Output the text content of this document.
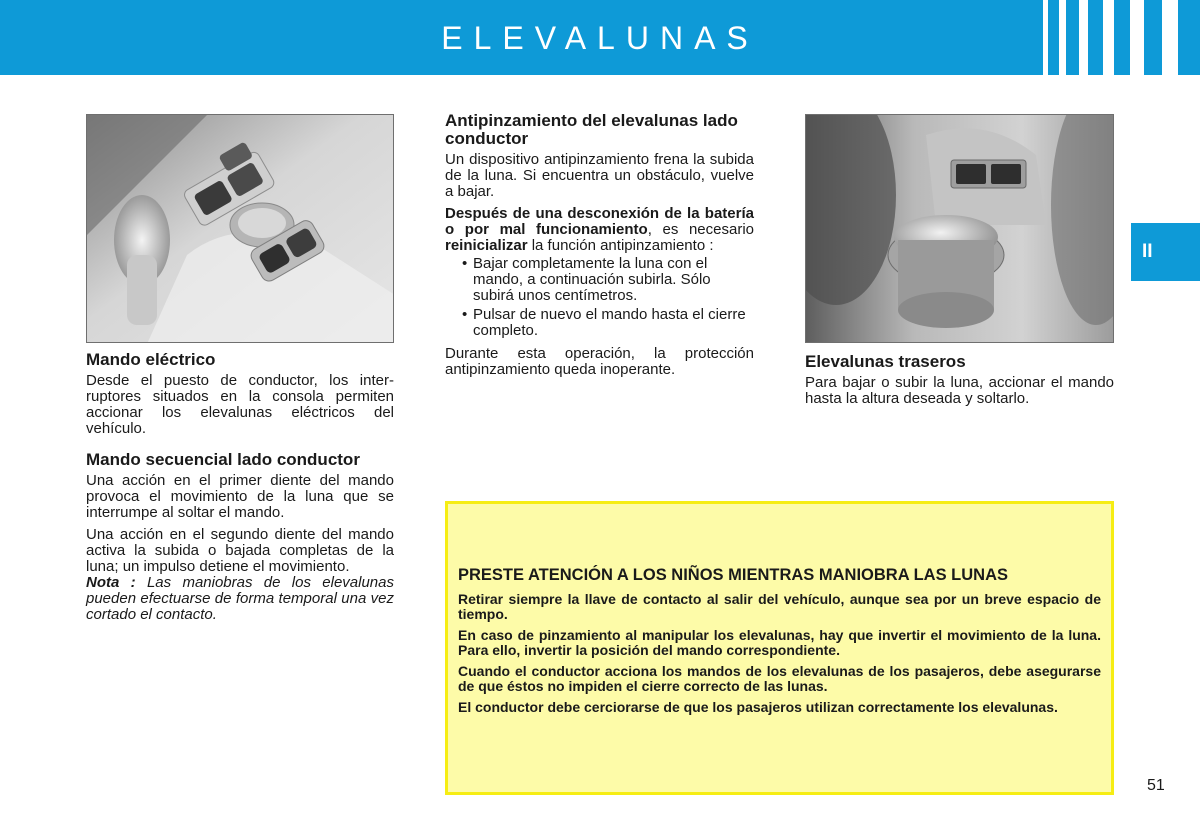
ELEVALUNAS
II
Mando eléctrico
Desde el puesto de conductor, los interruptores situados en la consola permiten accionar los elevalunas eléctricos del vehículo.
Mando secuencial lado conductor
Una acción en el primer diente del mando provoca el movimiento de la luna que se interrumpe al soltar el mando.
Una acción en el segundo diente del mando activa la subida o bajada completas de la luna; un impulso detiene el movimiento.
Nota : Las maniobras de los elevalunas pueden efectuarse de forma temporal una vez cortado el contacto.
Antipinzamiento del elevalunas lado conductor
Un dispositivo antipinzamiento frena la subida de la luna. Si encuentra un obstáculo, vuelve a bajar.
Después de una desconexión de la batería o por mal funcionamiento, es necesario reinicializar la función antipinzamiento :
• Bajar completamente la luna con el mando, a continuación subirla. Sólo subirá unos centímetros.
• Pulsar de nuevo el mando hasta el cierre completo.
Durante esta operación, la protección antipinzamiento queda inoperante.	Elevalunas traseros
Para bajar o subir la luna, accionar el mando hasta la altura deseada y soltarlo.
PRESTE ATENCIÓN A LOS NIÑOS MIENTRAS MANIOBRA LAS LUNAS
Retirar siempre la llave de contacto al salir del vehículo, aunque sea por un breve espacio de tiempo.
En caso de pinzamiento al manipular los elevalunas, hay que invertir el movimiento de la luna. Para ello, invertir la posición del mando correspondiente.
Cuando el conductor acciona los mandos de los elevalunas de los pasajeros, debe asegurarse de que éstos no impiden el cierre correcto de las lunas.
El conductor debe cerciorarse de que los pasajeros utilizan correctamente los elevalunas.
51
